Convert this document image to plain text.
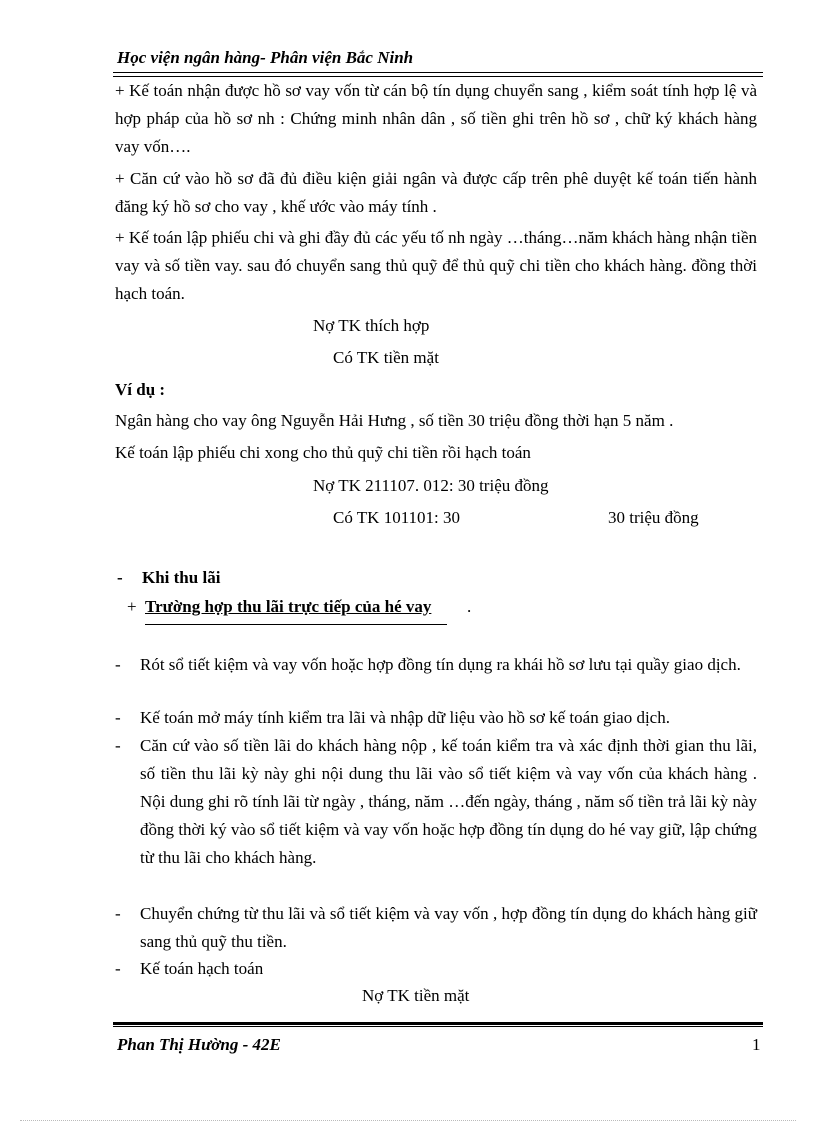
Học viện ngân hàng- Phân viện Bắc Ninh
+ Kế toán nhận được hồ sơ vay vốn từ cán bộ tín dụng chuyển sang , kiểm soát tính hợp lệ và hợp pháp của hồ sơ nh : Chứng minh nhân dân , số tiền ghi trên hồ sơ , chữ ký khách hàng vay vốn….
+ Căn cứ vào hồ sơ đã đủ điều kiện giải ngân và được cấp trên phê duyệt kế toán tiến hành đăng ký hồ sơ cho vay , khế ước vào máy tính .
+ Kế toán lập phiếu chi và ghi đầy đủ các yếu tố nh ngày …tháng…năm khách hàng nhận tiền vay và số tiền vay. sau đó chuyển sang thủ quỹ để thủ quỹ chi tiền cho khách hàng. đồng thời hạch toán.
Nợ TK thích hợp
Có TK tiền mặt
Ví dụ :
Ngân hàng cho vay ông Nguyễn Hải Hưng , số tiền 30 triệu đồng thời hạn 5 năm .
Kế toán lập phiếu chi xong cho thủ quỹ chi tiền rồi hạch toán
Nợ TK 211107. 012: 30 triệu đồng
Có TK 101101: 30	30 triệu đồng
- Khi thu lãi
+ Trường hợp thu lãi trực tiếp của hé vay .
- Rót sổ tiết kiệm và vay vốn hoặc hợp đồng tín dụng ra khái hồ sơ lưu tại quầy giao dịch.
- Kế toán mở máy tính kiểm tra lãi và nhập dữ liệu vào hồ sơ kế toán giao dịch.
- Căn cứ vào số tiền lãi do khách hàng nộp , kế toán kiểm tra và xác định thời gian thu lãi, số tiền thu lãi kỳ này ghi nội dung thu lãi vào sổ tiết kiệm và vay vốn của khách hàng . Nội dung ghi rõ tính lãi từ ngày , tháng, năm …đến ngày, tháng , năm số tiền trả lãi kỳ này đồng thời ký vào sổ tiết kiệm và vay vốn hoặc hợp đồng tín dụng do hé vay giữ, lập chứng từ thu lãi cho khách hàng.
- Chuyển chứng từ thu lãi và sổ tiết kiệm và vay vốn , hợp đồng tín dụng do khách hàng giữ sang thủ quỹ thu tiền.
- Kế toán hạch toán
Nợ TK tiền mặt
Phan Thị Hường - 42E	1
